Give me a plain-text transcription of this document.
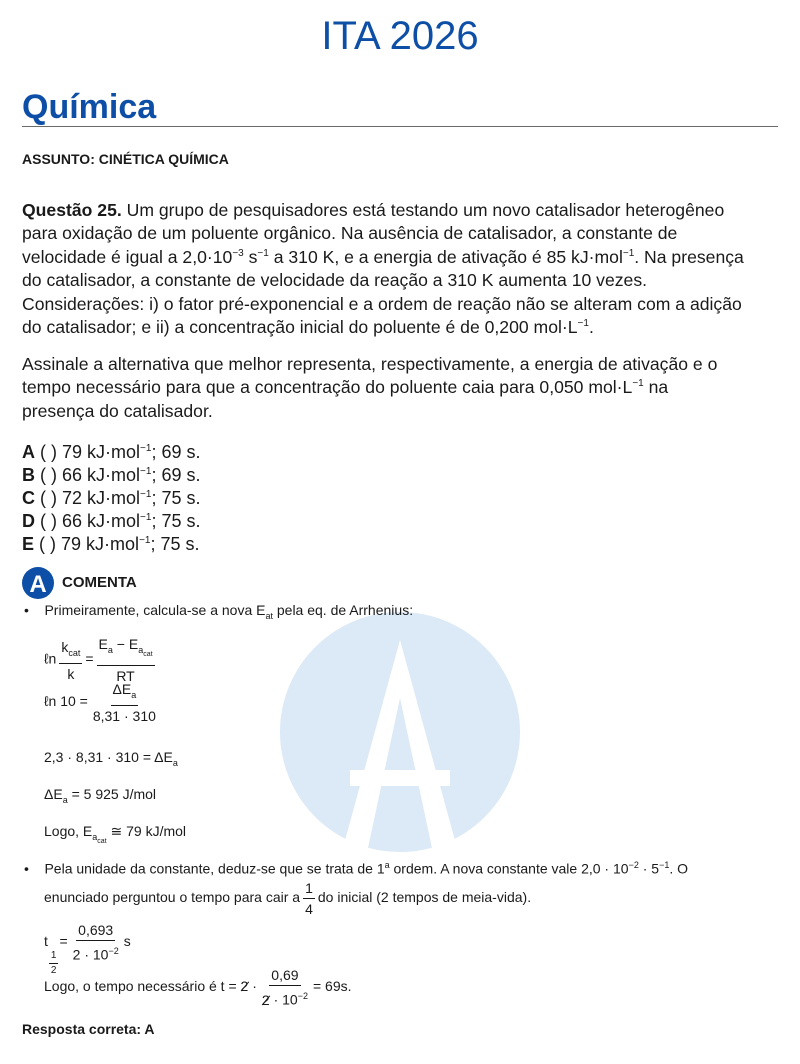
ITA 2026
Química
ASSUNTO: CINÉTICA QUÍMICA
Questão 25. Um grupo de pesquisadores está testando um novo catalisador heterogêneo
para oxidação de um poluente orgânico. Na ausência de catalisador, a constante de
velocidade é igual a $2,0\cdot 10^{-3}$ $s^{-1}$ a 310 K, e a energia de ativação é 85 kJ·mol$^{-1}$. Na presença
do catalisador, a constante de velocidade da reação a 310 K aumenta 10 vezes.
Considerações: i) o fator pré-exponencial e a ordem de reação não se alteram com a adição
do catalisador; e ii) a concentração inicial do poluente é de 0,200 $mol\cdot L^{-1}$.
Assinale a alternativa que melhor representa, respectivamente, a energia de ativação e o
tempo necessário para que a concentração do poluente caia para 0,050 $mol\cdot L^{-1}$ na
presença do catalisador.
A ( ) 79 kJ·mol$^{-1}$; 69 s.
B ( ) 66 kJ·mol$^{-1}$; 69 s.
C ( ) 72 kJ·mol$^{-1}$; 75 s.
D ( ) 66 kJ·mol$^{-1}$; 75 s.
E ( ) 79 kJ·mol$^{-1}$; 75 s.
A COMENTA
•    Primeiramente, calcula-se a nova $E_{at}$ pela eq. de Arrhenius:
ℓn $\frac{k_{cat}}{k} = \frac{E_a - E_{a_{cat}}}{RT}$
ℓn $10 = \frac{\Delta E_a}{8,31 \cdot 310}$
$2,3 \cdot 8,31 \cdot 310 = \Delta E_a$
$\Delta E_a = 5$ 925 J/mol
Logo, $E_{a_{cat}}$ ≅ 79 kJ/mol
•    Pela unidade da constante, deduz-se que se trata de 1$^a$ ordem. A nova constante vale $2,0 \cdot 10^{-2} \cdot 5^{-1}$. O
enunciado perguntou o tempo para cair a $\frac{1}{4}$ do inicial (2 tempos de meia-vida).
t
$\frac{1}{2}$
= $\frac{0,693}{2 \cdot 10^{-2}}$ s
Logo, o tempo necessário é $t = 2 \cdot \frac{0,69}{2 \cdot 10^{-2}} = 69s$.
Resposta correta: A
